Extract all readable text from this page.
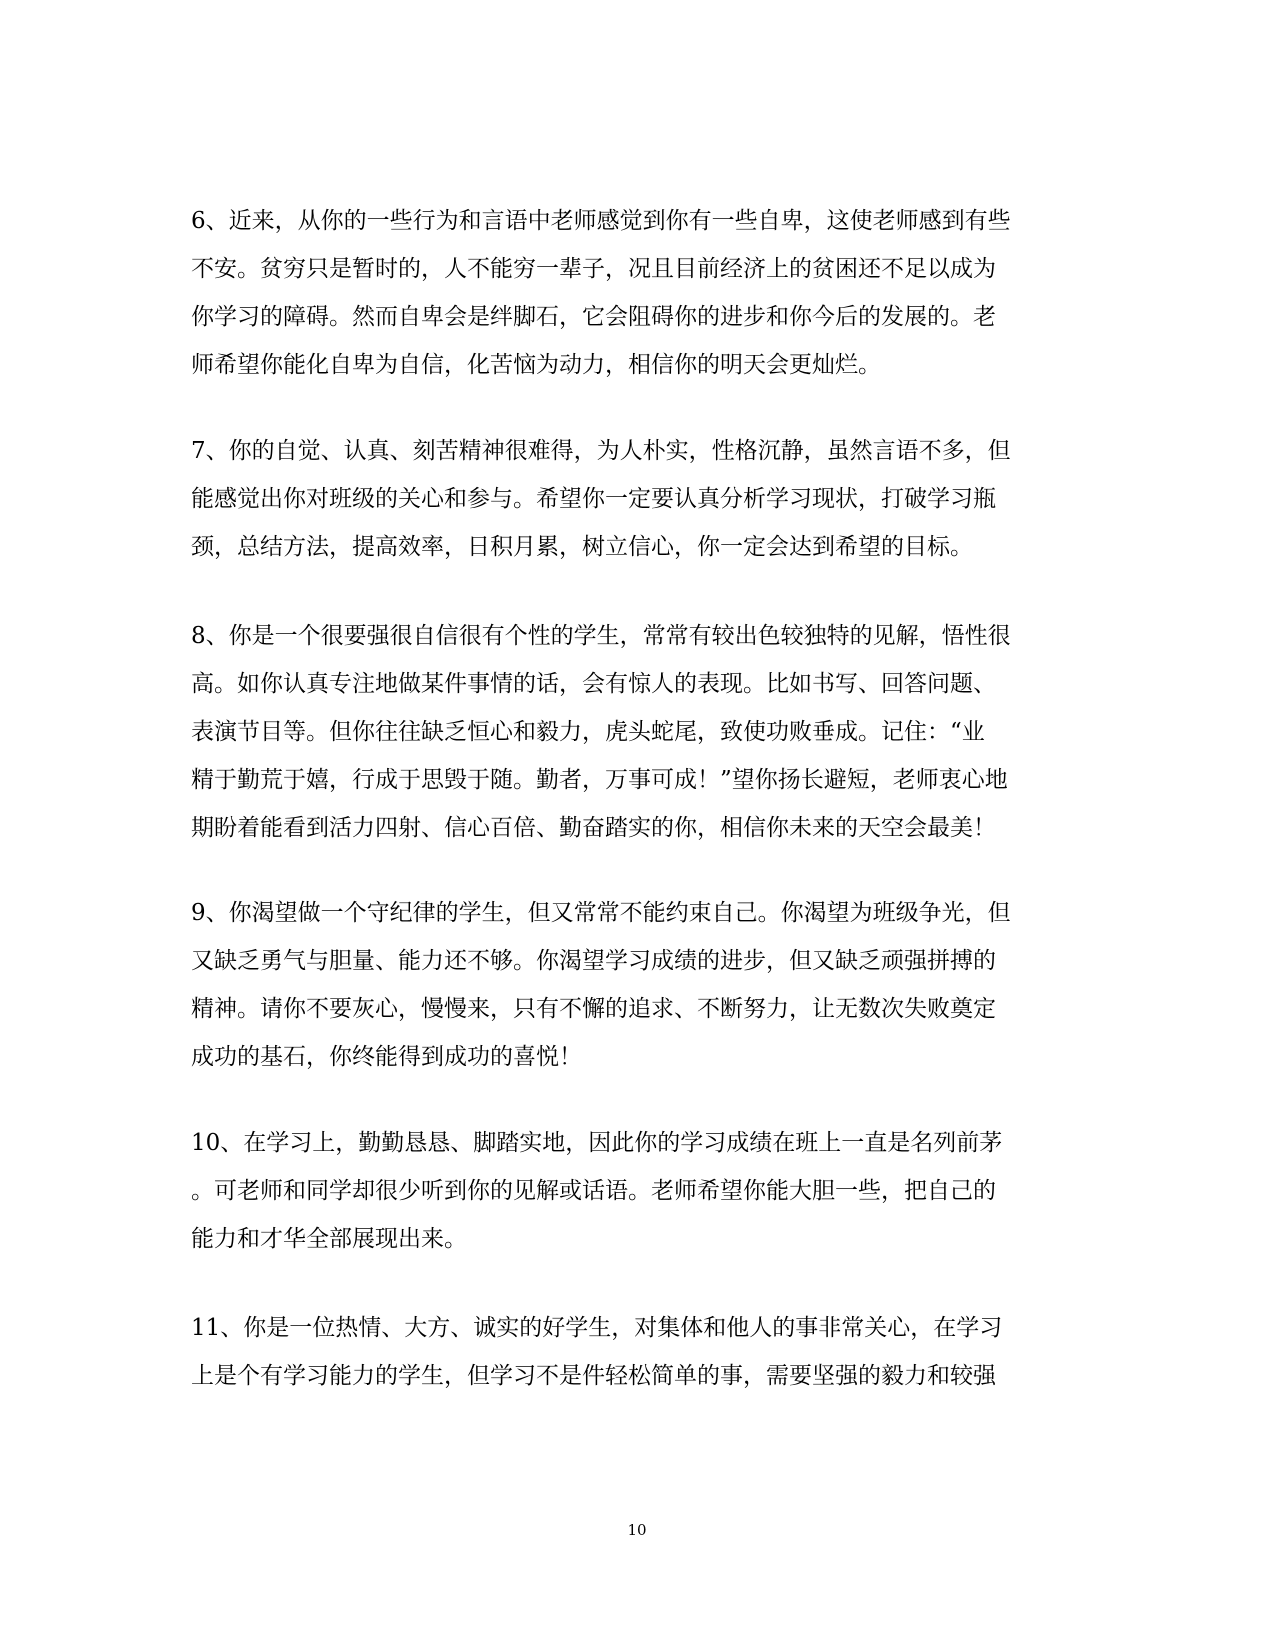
6、近来，从你的一些行为和言语中老师感觉到你有一些自卑，这使老师感到有些
不安。贫穷只是暂时的，人不能穷一辈子，况且目前经济上的贫困还不足以成为
你学习的障碍。然而自卑会是绊脚石，它会阻碍你的进步和你今后的发展的。老
师希望你能化自卑为自信，化苦恼为动力，相信你的明天会更灿烂。
7、你的自觉、认真、刻苦精神很难得，为人朴实，性格沉静，虽然言语不多，但
能感觉出你对班级的关心和参与。希望你一定要认真分析学习现状，打破学习瓶
颈，总结方法，提高效率，日积月累，树立信心，你一定会达到希望的目标。
8、你是一个很要强很自信很有个性的学生，常常有较出色较独特的见解，悟性很
高。如你认真专注地做某件事情的话，会有惊人的表现。比如书写、回答问题、
表演节目等。但你往往缺乏恒心和毅力，虎头蛇尾，致使功败垂成。记住：“业
精于勤荒于嬉，行成于思毁于随。勤者，万事可成！”望你扬长避短，老师衷心地
期盼着能看到活力四射、信心百倍、勤奋踏实的你，相信你未来的天空会最美！
9、你渴望做一个守纪律的学生，但又常常不能约束自己。你渴望为班级争光，但
又缺乏勇气与胆量、能力还不够。你渴望学习成绩的进步，但又缺乏顽强拼搏的
精神。请你不要灰心，慢慢来，只有不懈的追求、不断努力，让无数次失败奠定
成功的基石，你终能得到成功的喜悦！
10、在学习上，勤勤恳恳、脚踏实地，因此你的学习成绩在班上一直是名列前茅
。可老师和同学却很少听到你的见解或话语。老师希望你能大胆一些，把自己的
能力和才华全部展现出来。
11、你是一位热情、大方、诚实的好学生，对集体和他人的事非常关心，在学习
上是个有学习能力的学生，但学习不是件轻松简单的事，需要坚强的毅力和较强
10
